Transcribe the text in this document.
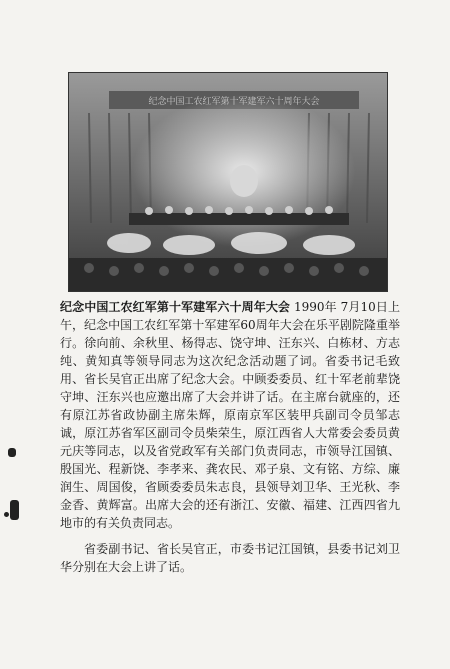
纪念中国工农红军第十军建军六十周年大会 1990年 7月10日上午，纪念中国工农红军第十军建军60周年大会在乐平剧院隆重举行。徐向前、余秋里、杨得志、饶守坤、汪东兴、白栋材、方志纯、黄知真等领导同志为这次纪念活动题了词。省委书记毛致用、省长吴官正出席了纪念大会。中顾委委员、红十军老前辈饶守坤、汪东兴也应邀出席了大会并讲了话。在主席台就座的，还有原江苏省政协副主席朱辉，原南京军区装甲兵副司令员邹志诚，原江苏省军区副司令员柴荣生，原江西省人大常委会委员黄元庆等同志，以及省党政军有关部门负责同志，市领导江国镇、殷国光、程新饶、李孝来、龚农民、邓子泉、文有铭、方综、廉润生、周国俊，省顾委委员朱志良，县领导刘卫华、王光秋、李金香、黄辉富。出席大会的还有浙江、安徽、福建、江西四省九地市的有关负责同志。

省委副书记、省长吴官正，市委书记江国镇，县委书记刘卫华分别在大会上讲了话。
